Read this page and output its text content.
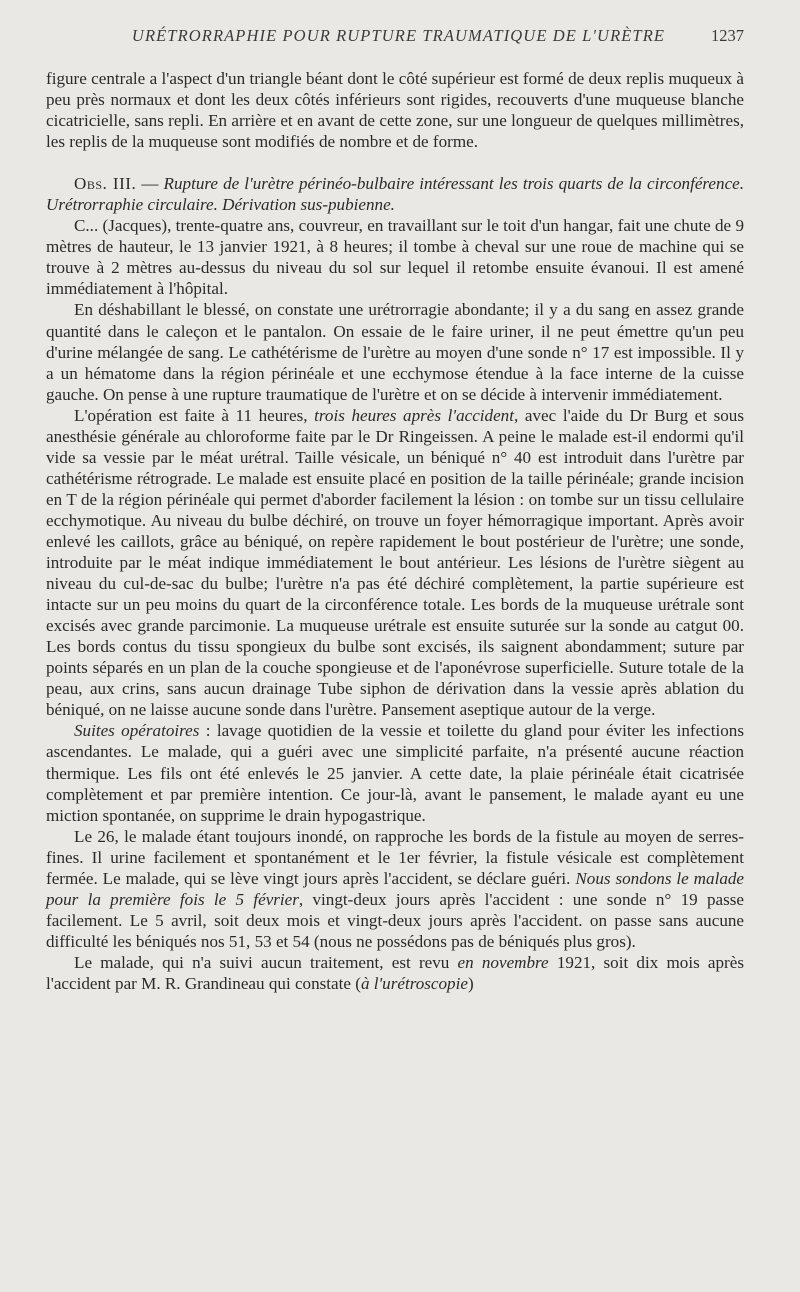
URÉTRORRAPHIE POUR RUPTURE TRAUMATIQUE DE L'URÈTRE	1237

figure centrale a l'aspect d'un triangle béant dont le côté supérieur est formé de deux replis muqueux à peu près normaux et dont les deux côtés inférieurs sont rigides, recouverts d'une muqueuse blanche cicatricielle, sans repli. En arrière et en avant de cette zone, sur une longueur de quelques millimètres, les replis de la muqueuse sont modifiés de nombre et de forme.

Obs. III. — Rupture de l'urètre périnéo-bulbaire intéressant les trois quarts de la circonférence. Urétrorraphie circulaire. Dérivation sus-pubienne.

C... (Jacques), trente-quatre ans, couvreur, en travaillant sur le toit d'un hangar, fait une chute de 9 mètres de hauteur, le 13 janvier 1921, à 8 heures; il tombe à cheval sur une roue de machine qui se trouve à 2 mètres au-dessus du niveau du sol sur lequel il retombe ensuite évanoui. Il est amené immédiatement à l'hôpital.

En déshabillant le blessé, on constate une urétrorragie abondante; il y a du sang en assez grande quantité dans le caleçon et le pantalon. On essaie de le faire uriner, il ne peut émettre qu'un peu d'urine mélangée de sang. Le cathétérisme de l'urètre au moyen d'une sonde n° 17 est impossible. Il y a un hématome dans la région périnéale et une ecchymose étendue à la face interne de la cuisse gauche. On pense à une rupture traumatique de l'urètre et on se décide à intervenir immédiatement.

L'opération est faite à 11 heures, trois heures après l'accident, avec l'aide du Dr Burg et sous anesthésie générale au chloroforme faite par le Dr Ringeissen. A peine le malade est-il endormi qu'il vide sa vessie par le méat urétral. Taille vésicale, un béniqué n° 40 est introduit dans l'urètre par cathétérisme rétrograde. Le malade est ensuite placé en position de la taille périnéale; grande incision en T de la région périnéale qui permet d'aborder facilement la lésion : on tombe sur un tissu cellulaire ecchymotique. Au niveau du bulbe déchiré, on trouve un foyer hémorragique important. Après avoir enlevé les caillots, grâce au béniqué, on repère rapidement le bout postérieur de l'urètre; une sonde, introduite par le méat indique immédiatement le bout antérieur. Les lésions de l'urètre siègent au niveau du cul-de-sac du bulbe; l'urètre n'a pas été déchiré complètement, la partie supérieure est intacte sur un peu moins du quart de la circonférence totale. Les bords de la muqueuse urétrale sont excisés avec grande parcimonie. La muqueuse urétrale est ensuite suturée sur la sonde au catgut 00. Les bords contus du tissu spongieux du bulbe sont excisés, ils saignent abondamment; suture par points séparés en un plan de la couche spongieuse et de l'aponévrose superficielle. Suture totale de la peau, aux crins, sans aucun drainage Tube siphon de dérivation dans la vessie après ablation du béniqué, on ne laisse aucune sonde dans l'urètre. Pansement aseptique autour de la verge.

Suites opératoires : lavage quotidien de la vessie et toilette du gland pour éviter les infections ascendantes. Le malade, qui a guéri avec une simplicité parfaite, n'a présenté aucune réaction thermique. Les fils ont été enlevés le 25 janvier. A cette date, la plaie périnéale était cicatrisée complètement et par première intention. Ce jour-là, avant le pansement, le malade ayant eu une miction spontanée, on supprime le drain hypogastrique.

Le 26, le malade étant toujours inondé, on rapproche les bords de la fistule au moyen de serres-fines. Il urine facilement et spontanément et le 1er février, la fistule vésicale est complètement fermée. Le malade, qui se lève vingt jours après l'accident, se déclare guéri. Nous sondons le malade pour la première fois le 5 février, vingt-deux jours après l'accident : une sonde n° 19 passe facilement. Le 5 avril, soit deux mois et vingt-deux jours après l'accident. on passe sans aucune difficulté les béniqués nos 51, 53 et 54 (nous ne possédons pas de béniqués plus gros).

Le malade, qui n'a suivi aucun traitement, est revu en novembre 1921, soit dix mois après l'accident par M. R. Grandineau qui constate (à l'urétroscopie)
